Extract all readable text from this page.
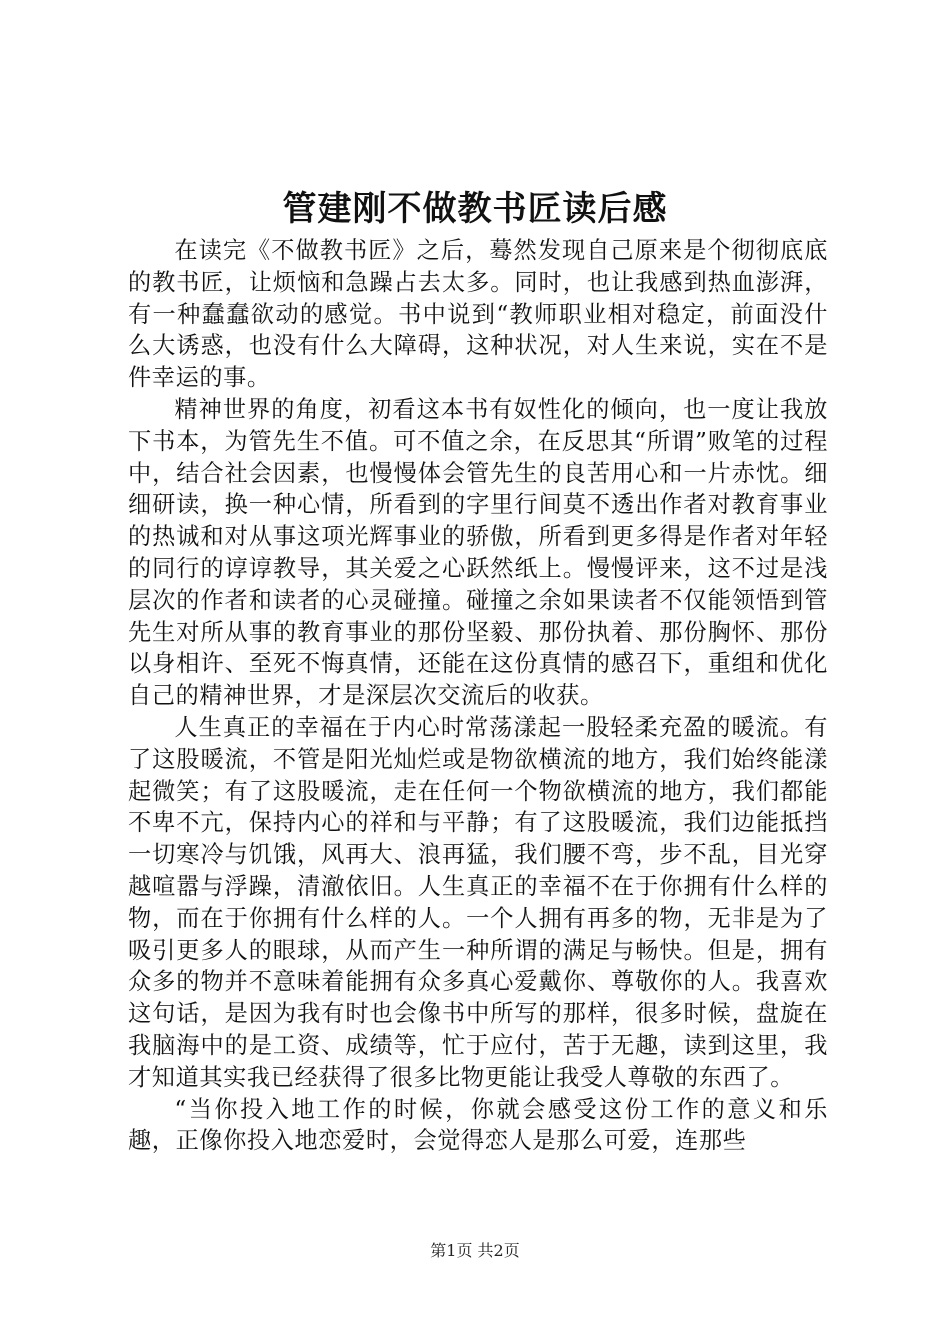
管建刚不做教书匠读后感

在读完《不做教书匠》之后，蓦然发现自己原来是个彻彻底底的教书匠，让烦恼和急躁占去太多。同时，也让我感到热血澎湃，有一种蠢蠢欲动的感觉。书中说到“教师职业相对稳定，前面没什么大诱惑，也没有什么大障碍，这种状况，对人生来说，实在不是件幸运的事。

精神世界的角度，初看这本书有奴性化的倾向，也一度让我放下书本，为管先生不值。可不值之余，在反思其“所谓”败笔的过程中，结合社会因素，也慢慢体会管先生的良苦用心和一片赤忱。细细研读，换一种心情，所看到的字里行间莫不透出作者对教育事业的热诚和对从事这项光辉事业的骄傲，所看到更多得是作者对年轻的同行的谆谆教导，其关爱之心跃然纸上。慢慢评来，这不过是浅层次的作者和读者的心灵碰撞。碰撞之余如果读者不仅能领悟到管先生对所从事的教育事业的那份坚毅、那份执着、那份胸怀、那份以身相许、至死不悔真情，还能在这份真情的感召下，重组和优化自己的精神世界，才是深层次交流后的收获。

人生真正的幸福在于内心时常荡漾起一股轻柔充盈的暖流。有了这股暖流，不管是阳光灿烂或是物欲横流的地方，我们始终能漾起微笑；有了这股暖流，走在任何一个物欲横流的地方，我们都能不卑不亢，保持内心的祥和与平静；有了这股暖流，我们边能抵挡一切寒冷与饥饿，风再大、浪再猛，我们腰不弯，步不乱，目光穿越喧嚣与浮躁，清澈依旧。人生真正的幸福不在于你拥有什么样的物，而在于你拥有什么样的人。一个人拥有再多的物，无非是为了吸引更多人的眼球，从而产生一种所谓的满足与畅快。但是，拥有众多的物并不意味着能拥有众多真心爱戴你、尊敬你的人。我喜欢这句话，是因为我有时也会像书中所写的那样，很多时候，盘旋在我脑海中的是工资、成绩等，忙于应付，苦于无趣，读到这里，我才知道其实我已经获得了很多比物更能让我受人尊敬的东西了。

“当你投入地工作的时候，你就会感受这份工作的意义和乐趣，正像你投入地恋爱时，会觉得恋人是那么可爱，连那些

第1页 共2页
